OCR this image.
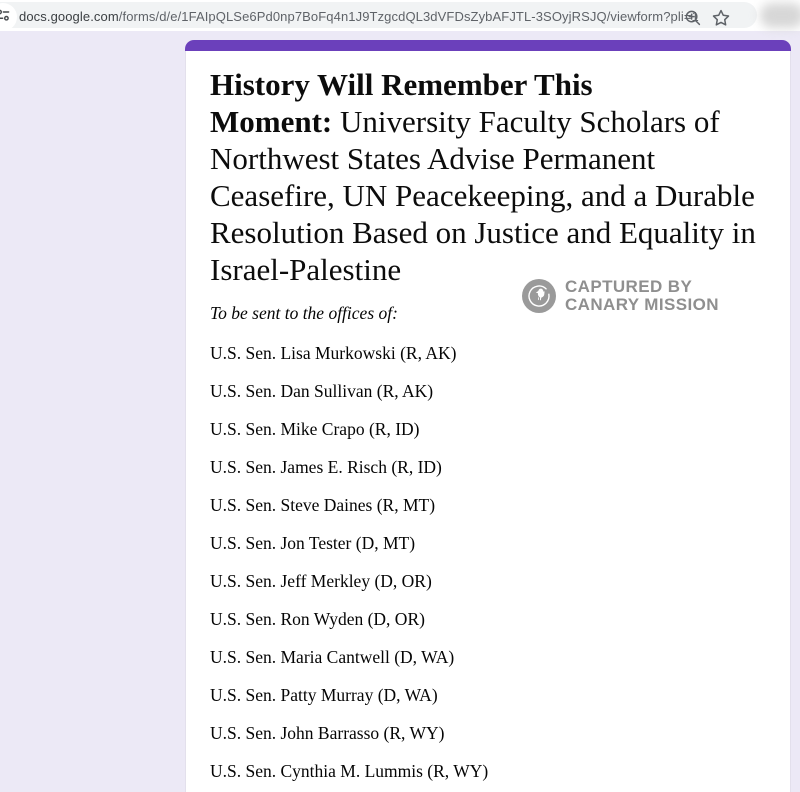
docs.google.com/forms/d/e/1FAIpQLSe6Pd0np7BoFq4n1J9TzgcdQL3dVFDsZybAFJTL-3SOyjRSJQ/viewform?pli=1
History Will Remember This
Moment: University Faculty Scholars of
Northwest States Advise Permanent
Ceasefire, UN Peacekeeping, and a Durable
Resolution Based on Justice and Equality in
Israel-Palestine

To be sent to the offices of:

U.S. Sen. Lisa Murkowski (R, AK)

U.S. Sen. Dan Sullivan (R, AK)

U.S. Sen. Mike Crapo (R, ID)

U.S. Sen. James E. Risch (R, ID)

U.S. Sen. Steve Daines (R, MT)

U.S. Sen. Jon Tester (D, MT)

U.S. Sen. Jeff Merkley (D, OR)

U.S. Sen. Ron Wyden (D, OR)

U.S. Sen. Maria Cantwell (D, WA)

U.S. Sen. Patty Murray (D, WA)

U.S. Sen. John Barrasso (R, WY)

U.S. Sen. Cynthia M. Lummis (R, WY)

CAPTURED BY
CANARY MISSION
